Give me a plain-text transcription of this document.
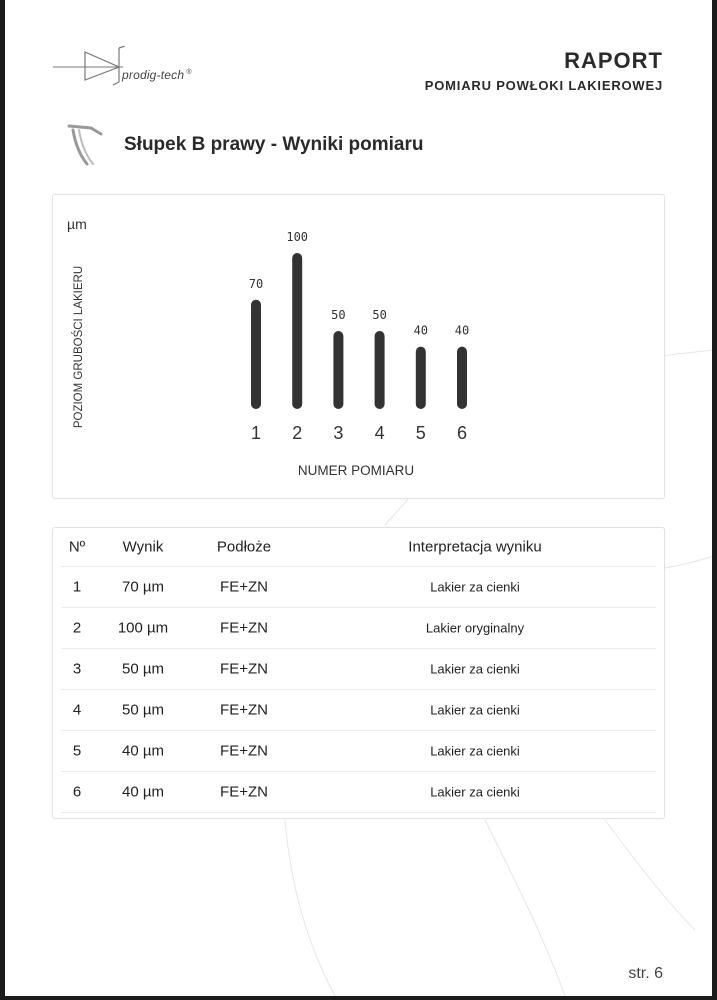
prodig-tech ®	RAPORT
POMIARU POWŁOKI LAKIEROWEJ
Słupek B prawy - Wyniki pomiaru
µm
POZIOM GRUBOŚCI LAKIERU
NUMER POMIARU
70
1
100
2
50
3
50
4
40
5
40
6
Nº Wynik	Podłoże	Interpretacja wyniku
1	70 µm	FE+ZN	Lakier za cienki
2 100 µm	FE+ZN	Lakier oryginalny
3	50 µm	FE+ZN	Lakier za cienki
4	50 µm	FE+ZN	Lakier za cienki
5	40 µm	FE+ZN	Lakier za cienki
6	40 µm	FE+ZN	Lakier za cienki
str. 6
